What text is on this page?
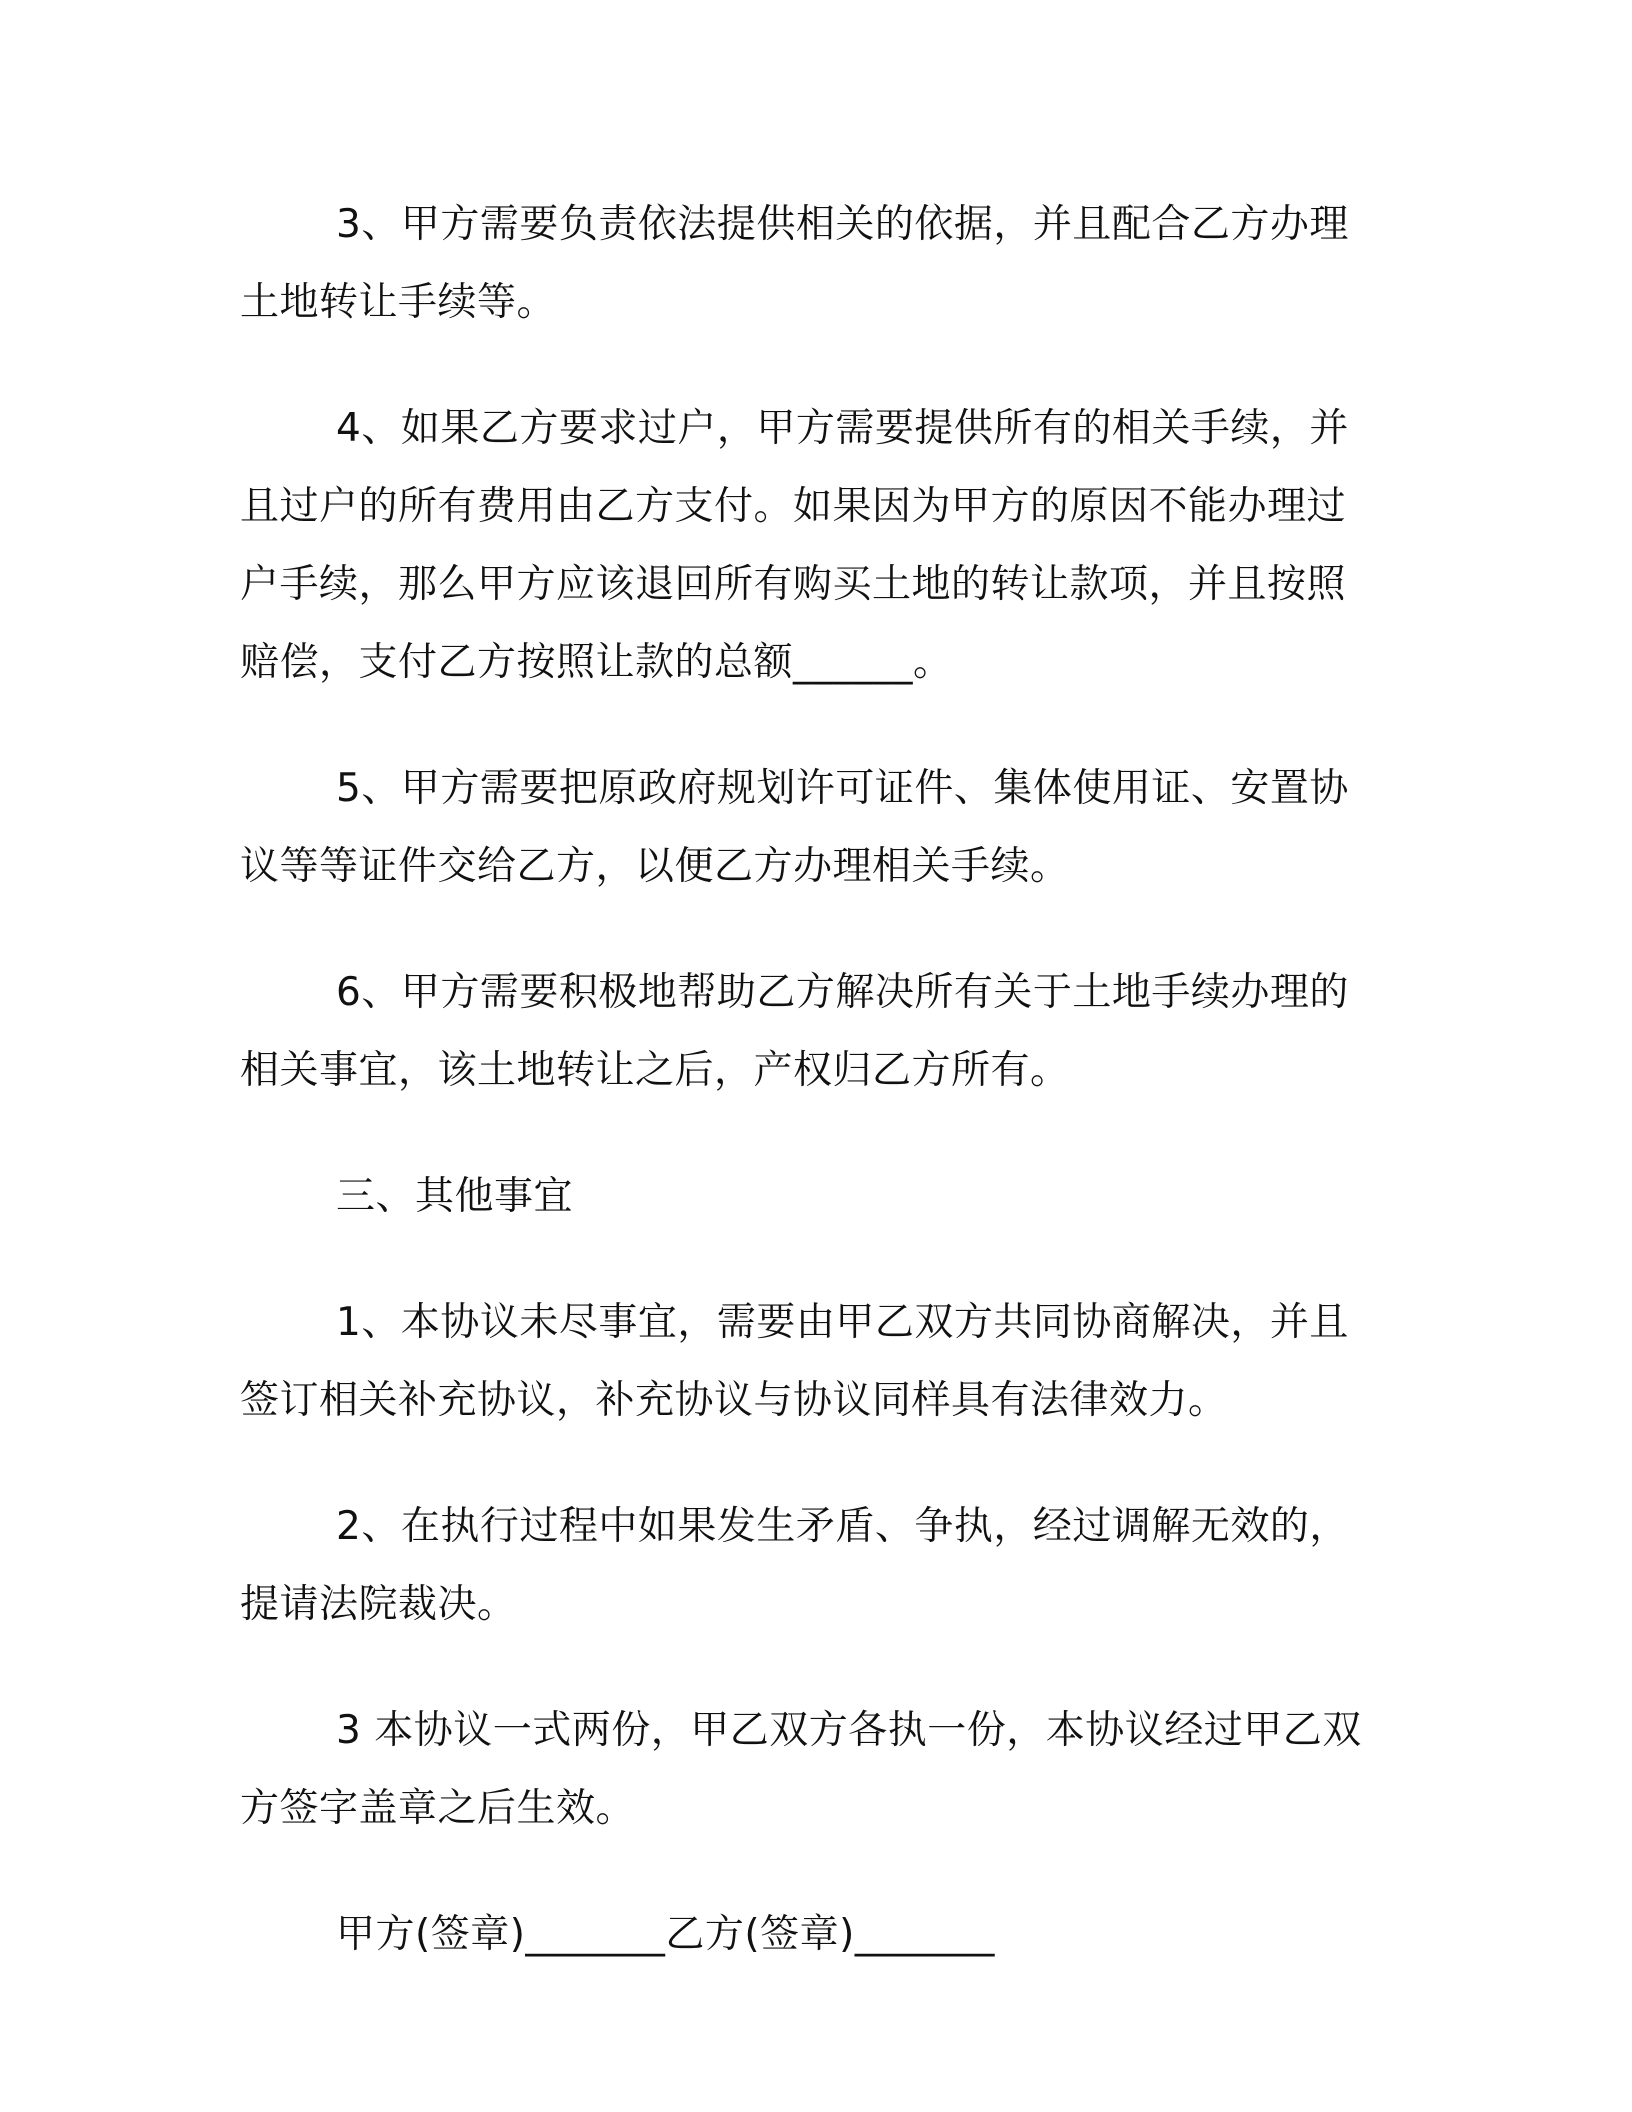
3、甲方需要负责依法提供相关的依据，并且配合乙方办理土地转让手续等。

4、如果乙方要求过户，甲方需要提供所有的相关手续，并且过户的所有费用由乙方支付。如果因为甲方的原因不能办理过户手续，那么甲方应该退回所有购买土地的转让款项，并且按照赔偿，支付乙方按照让款的总额______。

5、甲方需要把原政府规划许可证件、集体使用证、安置协议等等证件交给乙方，以便乙方办理相关手续。

6、甲方需要积极地帮助乙方解决所有关于土地手续办理的相关事宜，该土地转让之后，产权归乙方所有。

三、其他事宜

1、本协议未尽事宜，需要由甲乙双方共同协商解决，并且签订相关补充协议，补充协议与协议同样具有法律效力。

2、在执行过程中如果发生矛盾、争执，经过调解无效的，提请法院裁决。

3 本协议一式两份，甲乙双方各执一份，本协议经过甲乙双方签字盖章之后生效。

甲方(签章)_______乙方(签章)_______
